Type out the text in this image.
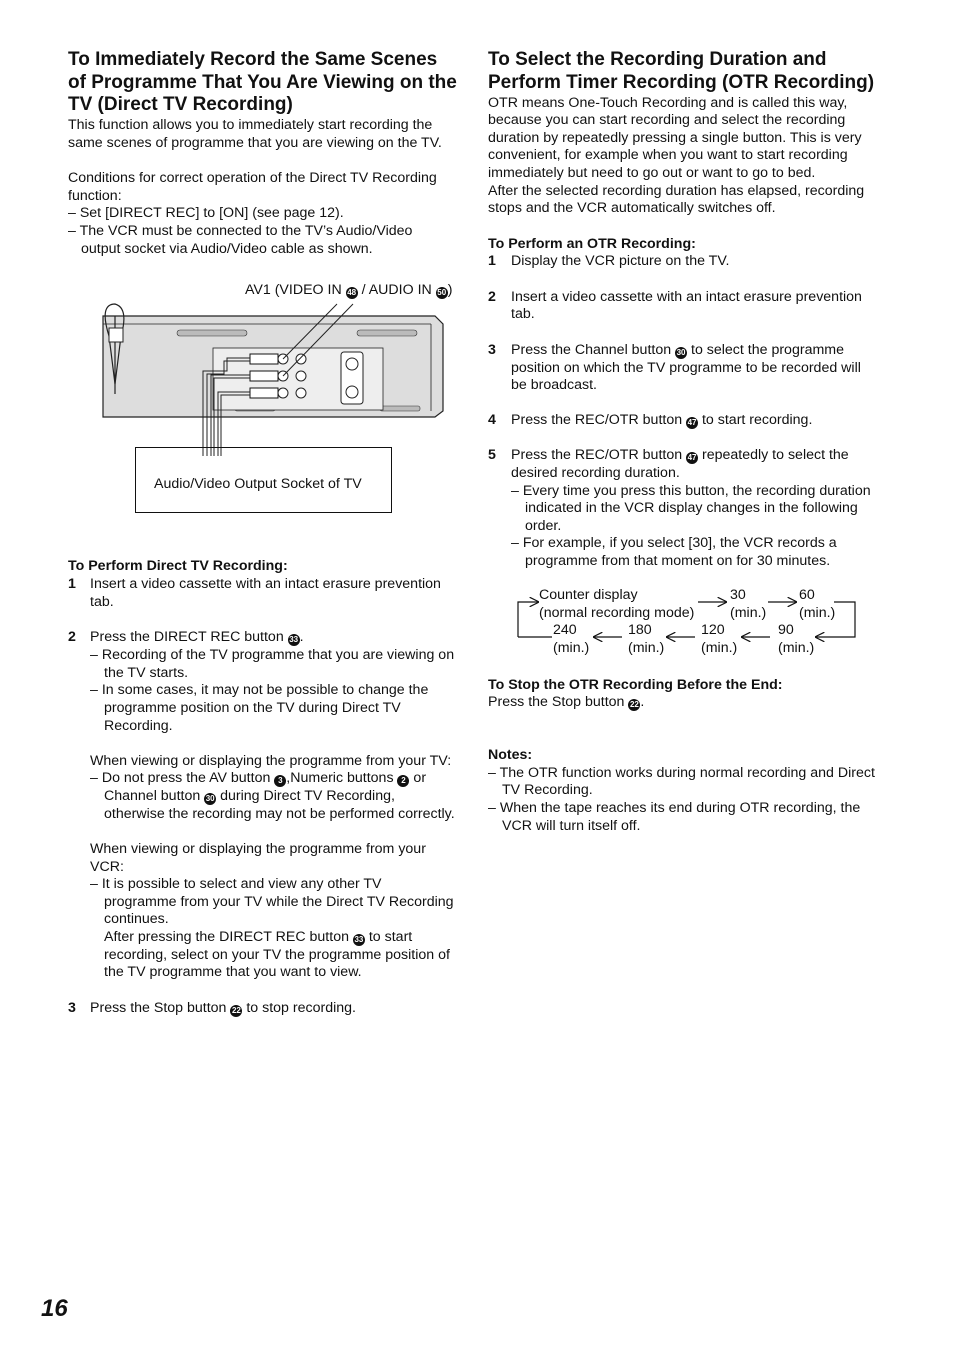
To Immediately Record the Same Scenes
of Programme That You Are Viewing on the
TV (Direct TV Recording)
This function allows you to immediately start recording the
same scenes of programme that you are viewing on the TV.
Conditions for correct operation of the Direct TV Recording
function:
– Set [DIRECT REC] to [ON] (see page 12).
– The VCR must be connected to the TV’s Audio/Video
output socket via Audio/Video cable as shown.
AV1 (VIDEO IN 48 / AUDIO IN 50 )
To Perform Direct TV Recording:
1 Insert a video cassette with an intact erasure prevention
tab.
2 Press the DIRECT REC button 33 .
– Recording of the TV programme that you are viewing on
the TV starts.
– In some cases, it may not be possible to change the
programme position on the TV during Direct TV
Recording.
When viewing or displaying the programme from your TV:
– Do not press the AV button 3 ,Numeric buttons 2 or
Channel button 30 during Direct TV Recording,
otherwise the recording may not be performed correctly.
When viewing or displaying the programme from your
VCR:
– It is possible to select and view any other TV
programme from your TV while the Direct TV Recording
continues.
After pressing the DIRECT REC button 33 to start
recording, select on your TV the programme position of
the TV programme that you want to view.
3 Press the Stop button 22 to stop recording.
Audio/Video Output Socket of TV
To Select the Recording Duration and
Perform Timer Recording (OTR Recording)
OTR means One-Touch Recording and is called this way,
because you can start recording and select the recording
duration by repeatedly pressing a single button. This is very
convenient, for example when you want to start recording
immediately but need to go out or want to go to bed.
After the selected recording duration has elapsed, recording
stops and the VCR automatically switches off.
To Perform an OTR Recording:
1 Display the VCR picture on the TV.
2 Insert a video cassette with an intact erasure prevention
tab.
3 Press the Channel button 30 to select the programme
position on which the TV programme to be recorded will
be broadcast.
4 Press the REC/OTR button 47 to start recording.
5 Press the REC/OTR button 47 repeatedly to select the
desired recording duration.
– Every time you press this button, the recording duration
indicated in the VCR display changes in the following
order.
– For example, if you select [30], the VCR records a
programme from that moment on for 30 minutes.
Counter display
(normal recording mode)
30
(min.)
60
(min.)
240
(min.)
180
(min.)
120
(min.)
90
(min.)
To Stop the OTR Recording Before the End:
Press the Stop button 22 .
Notes:
– The OTR function works during normal recording and Direct
TV Recording.
– When the tape reaches its end during OTR recording, the
VCR will turn itself off.
16
